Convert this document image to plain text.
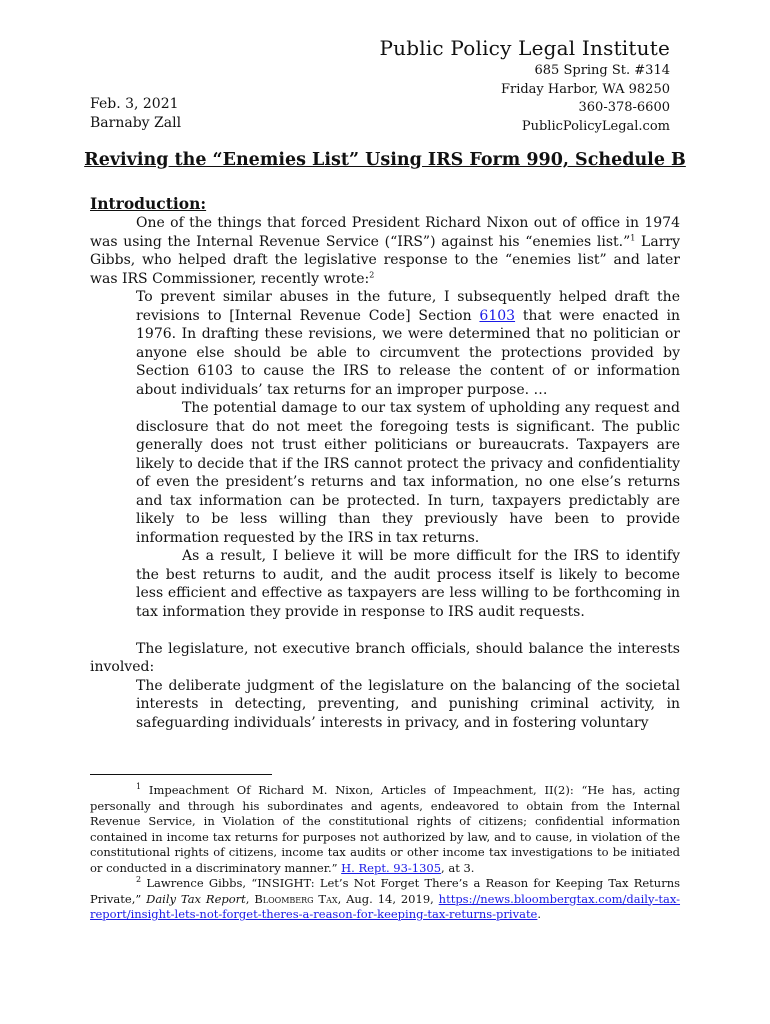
Public Policy Legal Institute
685 Spring St. #314
Friday Harbor, WA 98250
360-378-6600
PublicPolicyLegal.com
Feb. 3, 2021
Barnaby Zall
Reviving the “Enemies List” Using IRS Form 990, Schedule B
Introduction:

One of the things that forced President Richard Nixon out of office in 1974 was using the Internal Revenue Service (“IRS”) against his “enemies list.”$^1$ Larry Gibbs, who helped draft the legislative response to the “enemies list” and later was IRS Commissioner, recently wrote:$^2$

To prevent similar abuses in the future, I subsequently helped draft the revisions to [Internal Revenue Code] Section 6103 that were enacted in 1976. In drafting these revisions, we were determined that no politician or anyone else should be able to circumvent the protections provided by Section 6103 to cause the IRS to release the content of or information about individuals’ tax returns for an improper purpose. …

The potential damage to our tax system of upholding any request and disclosure that do not meet the foregoing tests is significant. The public generally does not trust either politicians or bureaucrats. Taxpayers are likely to decide that if the IRS cannot protect the privacy and confidentiality of even the president’s returns and tax information, no one else’s returns and tax information can be protected. In turn, taxpayers predictably are likely to be less willing than they previously have been to provide information requested by the IRS in tax returns.

As a result, I believe it will be more difficult for the IRS to identify the best returns to audit, and the audit process itself is likely to become less efficient and effective as taxpayers are less willing to be forthcoming in tax information they provide in response to IRS audit requests.

The legislature, not executive branch officials, should balance the interests involved:

The deliberate judgment of the legislature on the balancing of the societal interests in detecting, preventing, and punishing criminal activity, in safeguarding individuals’ interests in privacy, and in fostering voluntary

$^1$ Impeachment Of Richard M. Nixon, Articles of Impeachment, II(2): “He has, acting personally and through his subordinates and agents, endeavored to obtain from the Internal Revenue Service, in Violation of the constitutional rights of citizens; confidential information contained in income tax returns for purposes not authorized by law, and to cause, in violation of the constitutional rights of citizens, income tax audits or other income tax investigations to be initiated or conducted in a discriminatory manner.” H. Rept. 93-1305, at 3.

$^2$ Lawrence Gibbs, “INSIGHT: Let’s Not Forget There’s a Reason for Keeping Tax Returns Private,” Daily Tax Report, Bloomberg Tax, Aug. 14, 2019, https://news.bloombergtax.com/daily-tax-report/insight-lets-not-forget-theres-a-reason-for-keeping-tax-returns-private.
